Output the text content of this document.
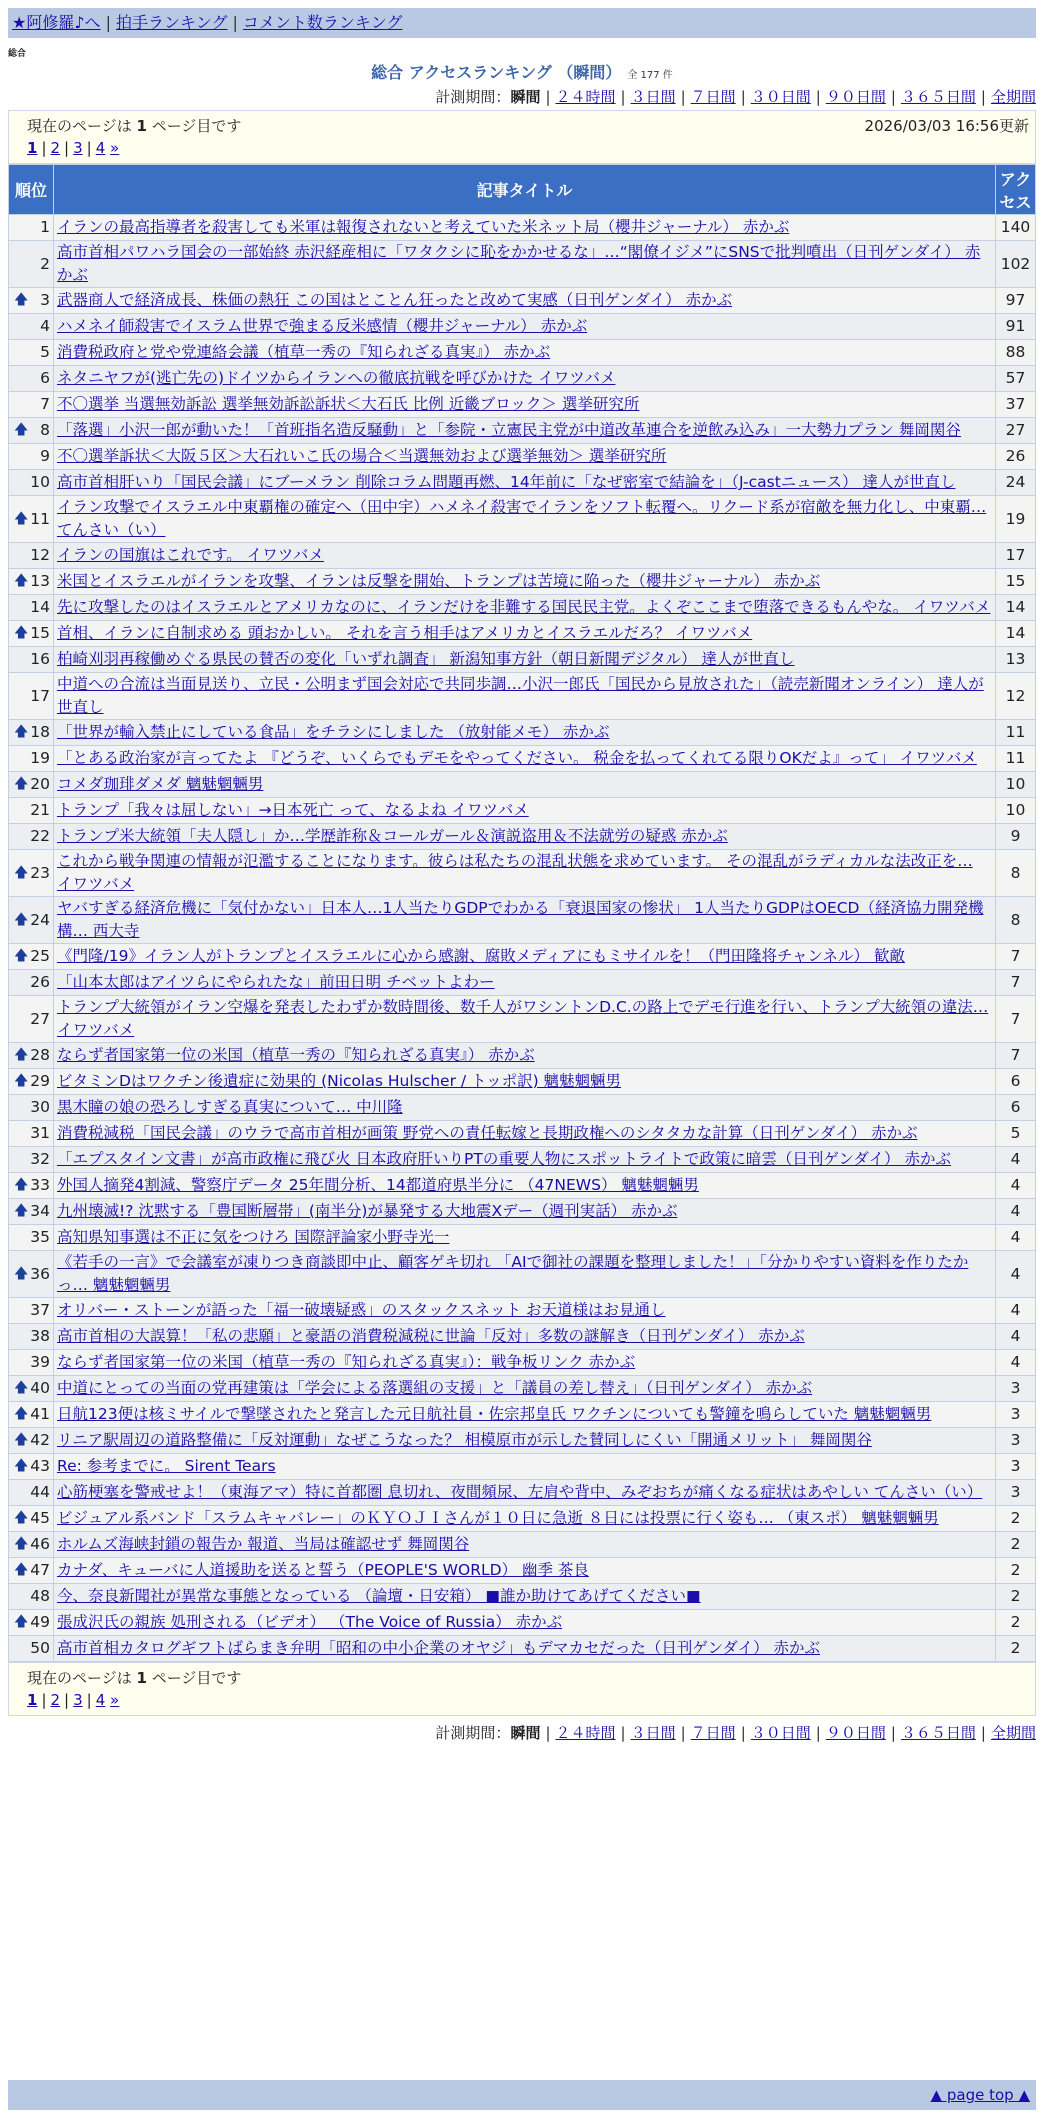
★阿修羅♪へ | 拍手ランキング | コメント数ランキング
総合
総合 アクセスランキング （瞬間） 全 177 件
計測期間：瞬間 | ２４時間 | ３日間 | ７日間 | ３０日間 | ９０日間 | ３６５日間 | 全期間
現在のページは 1 ページ目です	2026/03/03 16:56更新
1 | 2 | 3 | 4 »
順位	記事タイトル	アクセス
1	イランの最高指導者を殺害しても米軍は報復されないと考えていた米ネット局（櫻井ジャーナル） 赤かぶ	140
2	高市首相パワハラ国会の一部始終 赤沢経産相に「ワタクシに恥をかかせるな」…“閣僚イジメ”にSNSで批判噴出（日刊ゲンダイ） 赤かぶ	102

🡅 3	武器商人で経済成長、株価の熱狂 この国はとことん狂ったと改めて実感（日刊ゲンダイ） 赤かぶ	97
4	ハメネイ師殺害でイスラム世界で強まる反米感情（櫻井ジャーナル） 赤かぶ	91
5	消費税政府と党や党連絡会議（植草一秀の『知られざる真実』） 赤かぶ	88
6	ネタニヤフが(逃亡先の)ドイツからイランへの徹底抗戦を呼びかけた イワツバメ	57
7	不〇選挙 当選無効訴訟 選挙無効訴訟訴状＜大石氏 比例 近畿ブロック＞ 選挙研究所	37

🡅 8	「落選」小沢一郎が動いた！「首班指名造反騒動」と「参院・立憲民主党が中道改革連合を逆飲み込み」一大勢力プラン 舞岡関谷	27
9	不〇選挙訴状＜大阪５区＞大石れいこ氏の場合＜当選無効および選挙無効＞ 選挙研究所	26
10	高市首相肝いり「国民会議」にブーメラン 削除コラム問題再燃、14年前に「なぜ密室で結論を」（J-castニュース） 達人が世直し	24

🡅 11	イラン攻撃でイスラエル中東覇権の確定へ（田中宇）ハメネイ殺害でイランをソフト転覆へ。リクード系が宿敵を無力化し、中東覇… てんさい（い）	19
12	イランの国旗はこれです。 イワツバメ	17

🡅 13	米国とイスラエルがイランを攻撃、イランは反撃を開始、トランプは苦境に陥った（櫻井ジャーナル） 赤かぶ	15
14	先に攻撃したのはイスラエルとアメリカなのに、イランだけを非難する国民民主党。よくぞここまで堕落できるもんやな。 イワツバメ	14

🡅 15	首相、イランに自制求める 頭おかしい。 それを言う相手はアメリカとイスラエルだろ？ イワツバメ	14
16	柏崎刈羽再稼働めぐる県民の賛否の変化「いずれ調査」 新潟知事方針（朝日新聞デジタル） 達人が世直し	13
17	中道への合流は当面見送り、立民・公明まず国会対応で共同歩調…小沢一郎氏「国民から見放された」（読売新聞オンライン） 達人が世直し	12

🡅 18	「世界が輸入禁止にしている食品」をチラシにしました （放射能メモ） 赤かぶ	11
19	「とある政治家が言ってたよ 『どうぞ、いくらでもデモをやってください。 税金を払ってくれてる限りOKだよ』って」 イワツバメ	11

🡅 20	コメダ珈琲ダメダ 魑魅魍魎男	10
21	トランプ「我々は屈しない」→日本死亡 って、なるよね イワツバメ	10
22	トランプ米大統領「夫人隠し」か…学歴詐称＆コールガール＆演説盗用＆不法就労の疑惑 赤かぶ	9

🡅 23	これから戦争関連の情報が氾濫することになります。彼らは私たちの混乱状態を求めています。 その混乱がラディカルな法改正を… イワツバメ	8

🡅 24	ヤバすぎる経済危機に「気付かない」日本人…1人当たりGDPでわかる「衰退国家の惨状」 1人当たりGDPはOECD（経済協力開発機構… 西大寺	8

🡅 25	《門隆/19》イラン人がトランプとイスラエルに心から感謝、腐敗メディアにもミサイルを！（門田隆将チャンネル） 歓敵	7
26	「山本太郎はアイツらにやられたな」前田日明 チベットよわー	7
27	トランプ大統領がイラン空爆を発表したわずか数時間後、数千人がワシントンD.C.の路上でデモ行進を行い、トランプ大統領の違法… イワツバメ	7

🡅 28	ならず者国家第一位の米国（植草一秀の『知られざる真実』） 赤かぶ	7

🡅 29	ビタミンDはワクチン後遺症に効果的 (Nicolas Hulscher / トッポ訳) 魑魅魍魎男	6
30	黒木瞳の娘の恐ろしすぎる真実について… 中川隆	6
31	消費税減税「国民会議」のウラで高市首相が画策 野党への責任転嫁と長期政権へのシタタカな計算（日刊ゲンダイ） 赤かぶ	5
32	「エプスタイン文書」が高市政権に飛び火 日本政府肝いりPTの重要人物にスポットライトで政策に暗雲（日刊ゲンダイ） 赤かぶ	4

🡅 33	外国人摘発4割減、警察庁データ 25年間分析、14都道府県半分に （47NEWS） 魑魅魍魎男	4

🡅 34	九州壊滅!? 沈黙する「豊国断層帯」(南半分)が暴発する大地震Xデー（週刊実話） 赤かぶ	4
35	高知県知事選は不正に気をつけろ 国際評論家小野寺光一	4

🡅 36	《若手の一言》で会議室が凍りつき商談即中止、顧客ゲキ切れ 「AIで御社の課題を整理しました！」「分かりやすい資料を作りたかっ… 魑魅魍魎男	4
37	オリバー・ストーンが語った「福一破壊疑惑」のスタックスネット お天道様はお見通し	4
38	高市首相の大誤算！「私の悲願」と豪語の消費税減税に世論「反対」多数の謎解き（日刊ゲンダイ） 赤かぶ	4
39	ならず者国家第一位の米国（植草一秀の『知られざる真実』）：戦争板リンク 赤かぶ	4

🡅 40	中道にとっての当面の党再建策は「学会による落選組の支援」と「議員の差し替え」（日刊ゲンダイ） 赤かぶ	3

🡅 41	日航123便は核ミサイルで撃墜されたと発言した元日航社員・佐宗邦皇氏 ワクチンについても警鐘を鳴らしていた 魑魅魍魎男	3

🡅 42	リニア駅周辺の道路整備に「反対運動」なぜこうなった？ 相模原市が示した賛同しにくい「開通メリット」 舞岡関谷	3

🡅 43	Re: 参考までに。 Sirent Tears	3
44	心筋梗塞を警戒せよ！（東海アマ）特に首都圏 息切れ、夜間頻尿、左肩や背中、みぞおちが痛くなる症状はあやしい てんさい（い）	3

🡅 45	ビジュアル系バンド「スラムキャバレー」のＫＹＯＪＩさんが１０日に急逝 ８日には投票に行く姿も… （東スポ） 魑魅魍魎男	2

🡅 46	ホルムズ海峡封鎖の報告か 報道、当局は確認せず 舞岡関谷	2

🡅 47	カナダ、キューバに人道援助を送ると誓う（PEOPLE'S WORLD） 幽季 茶良	2
48	今、奈良新聞社が異常な事態となっている （論壇・日安箱） ■誰か助けてあげてください■	2

🡅 49	張成沢氏の親族 処刑される（ビデオ） （The Voice of Russia） 赤かぶ	2
50	高市首相カタログギフトばらまき弁明「昭和の中小企業のオヤジ」もデマカセだった（日刊ゲンダイ） 赤かぶ	2
現在のページは 1 ページ目です
1 | 2 | 3 | 4 »
計測期間：瞬間 | ２４時間 | ３日間 | ７日間 | ３０日間 | ９０日間 | ３６５日間 | 全期間
▲ page top ▲
